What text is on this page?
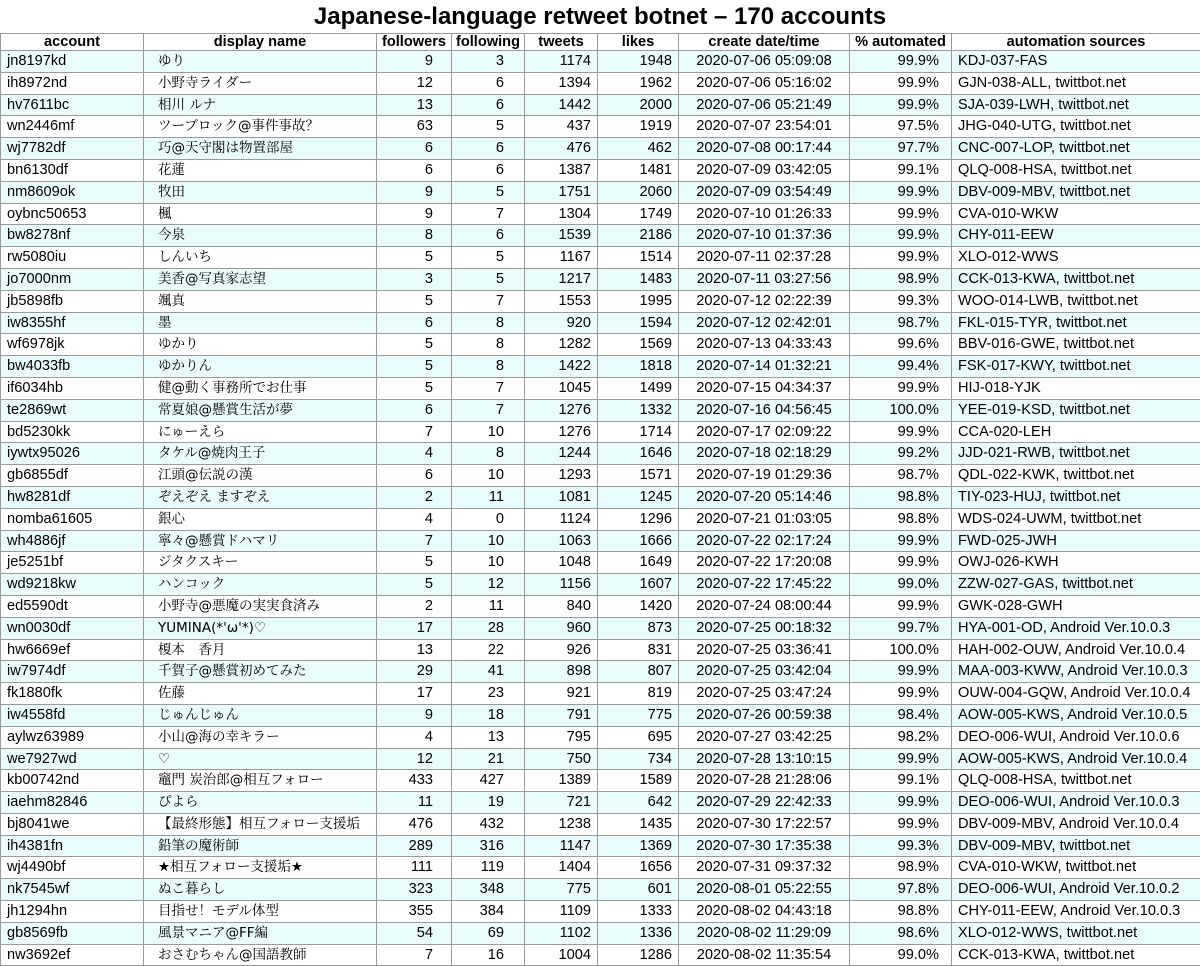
Japanese-language retweet botnet – 170 accounts
account	display name	followers	following	tweets	likes	create date/time	% automated	automation sources
jn8197kd	ゆり	9	3	1174	1948	2020-07-06 05:09:08	99.9%	KDJ-037-FAS
ih8972nd	小野寺ライダー	12	6	1394	1962	2020-07-06 05:16:02	99.9%	GJN-038-ALL, twittbot.net
hv7611bc	相川 ルナ	13	6	1442	2000	2020-07-06 05:21:49	99.9%	SJA-039-LWH, twittbot.net
wn2446mf	ツーブロック@事件事故？	63	5	437	1919	2020-07-07 23:54:01	97.5%	JHG-040-UTG, twittbot.net
wj7782df	巧@天守閣は物置部屋	6	6	476	462	2020-07-08 00:17:44	97.7%	CNC-007-LOP, twittbot.net
bn6130df	花蓮	6	6	1387	1481	2020-07-09 03:42:05	99.1%	QLQ-008-HSA, twittbot.net
nm8609ok	牧田	9	5	1751	2060	2020-07-09 03:54:49	99.9%	DBV-009-MBV, twittbot.net
oybnc50653	楓	9	7	1304	1749	2020-07-10 01:26:33	99.9%	CVA-010-WKW
bw8278nf	今泉	8	6	1539	2186	2020-07-10 01:37:36	99.9%	CHY-011-EEW
rw5080iu	しんいち	5	5	1167	1514	2020-07-11 02:37:28	99.9%	XLO-012-WWS
jo7000nm	美香@写真家志望	3	5	1217	1483	2020-07-11 03:27:56	98.9%	CCK-013-KWA, twittbot.net
jb5898fb	颯真	5	7	1553	1995	2020-07-12 02:22:39	99.3%	WOO-014-LWB, twittbot.net
iw8355hf	墨	6	8	920	1594	2020-07-12 02:42:01	98.7%	FKL-015-TYR, twittbot.net
wf6978jk	ゆかり	5	8	1282	1569	2020-07-13 04:33:43	99.6%	BBV-016-GWE, twittbot.net
bw4033fb	ゆかりん	5	8	1422	1818	2020-07-14 01:32:21	99.4%	FSK-017-KWY, twittbot.net
if6034hb	健@動く事務所でお仕事	5	7	1045	1499	2020-07-15 04:34:37	99.9%	HIJ-018-YJK
te2869wt	常夏娘@懸賞生活が夢	6	7	1276	1332	2020-07-16 04:56:45	100.0%	YEE-019-KSD, twittbot.net
bd5230kk	にゅーえら	7	10	1276	1714	2020-07-17 02:09:22	99.9%	CCA-020-LEH
iywtx95026	タケル@焼肉王子	4	8	1244	1646	2020-07-18 02:18:29	99.2%	JJD-021-RWB, twittbot.net
gb6855df	江頭@伝説の漢	6	10	1293	1571	2020-07-19 01:29:36	98.7%	QDL-022-KWK, twittbot.net
hw8281df	ぞえぞえ ますぞえ	2	11	1081	1245	2020-07-20 05:14:46	98.8%	TIY-023-HUJ, twittbot.net
nomba61605	銀心	4	0	1124	1296	2020-07-21 01:03:05	98.8%	WDS-024-UWM, twittbot.net
wh4886jf	寧々@懸賞ドハマリ	7	10	1063	1666	2020-07-22 02:17:24	99.9%	FWD-025-JWH
je5251bf	ジタクスキー	5	10	1048	1649	2020-07-22 17:20:08	99.9%	OWJ-026-KWH
wd9218kw	ハンコック	5	12	1156	1607	2020-07-22 17:45:22	99.0%	ZZW-027-GAS, twittbot.net
ed5590dt	小野寺@悪魔の実実食済み	2	11	840	1420	2020-07-24 08:00:44	99.9%	GWK-028-GWH
wn0030df	YUMINA(*'ω'*)♡	17	28	960	873	2020-07-25 00:18:32	99.7%	HYA-001-OD, Android Ver.10.0.3
hw6669ef	榎本　香月	13	22	926	831	2020-07-25 03:36:41	100.0%	HAH-002-OUW, Android Ver.10.0.4
iw7974df	千賀子@懸賞初めてみた	29	41	898	807	2020-07-25 03:42:04	99.9%	MAA-003-KWW, Android Ver.10.0.3
fk1880fk	佐藤	17	23	921	819	2020-07-25 03:47:24	99.9%	OUW-004-GQW, Android Ver.10.0.4
iw4558fd	じゅんじゅん	9	18	791	775	2020-07-26 00:59:38	98.4%	AOW-005-KWS, Android Ver.10.0.5
aylwz63989	小山@海の幸キラー	4	13	795	695	2020-07-27 03:42:25	98.2%	DEO-006-WUI, Android Ver.10.0.6
we7927wd	♡	12	21	750	734	2020-07-28 13:10:15	99.9%	AOW-005-KWS, Android Ver.10.0.4
kb00742nd	竈門 炭治郎@相互フォロー	433	427	1389	1589	2020-07-28 21:28:06	99.1%	QLQ-008-HSA, twittbot.net
iaehm82846	ぴよら	11	19	721	642	2020-07-29 22:42:33	99.9%	DEO-006-WUI, Android Ver.10.0.3
bj8041we	【最終形態】相互フォロー支援垢	476	432	1238	1435	2020-07-30 17:22:57	99.9%	DBV-009-MBV, Android Ver.10.0.4
ih4381fn	鉛筆の魔術師	289	316	1147	1369	2020-07-30 17:35:38	99.3%	DBV-009-MBV, twittbot.net
wj4490bf	★相互フォロー支援垢★	111	119	1404	1656	2020-07-31 09:37:32	98.9%	CVA-010-WKW, twittbot.net
nk7545wf	ぬこ暮らし	323	348	775	601	2020-08-01 05:22:55	97.8%	DEO-006-WUI, Android Ver.10.0.2
jh1294hn	目指せ！モデル体型	355	384	1109	1333	2020-08-02 04:43:18	98.8%	CHY-011-EEW, Android Ver.10.0.3
gb8569fb	風景マニア@FF編	54	69	1102	1336	2020-08-02 11:29:09	98.6%	XLO-012-WWS, twittbot.net
nw3692ef	おさむちゃん@国語教師	7	16	1004	1286	2020-08-02 11:35:54	99.0%	CCK-013-KWA, twittbot.net
